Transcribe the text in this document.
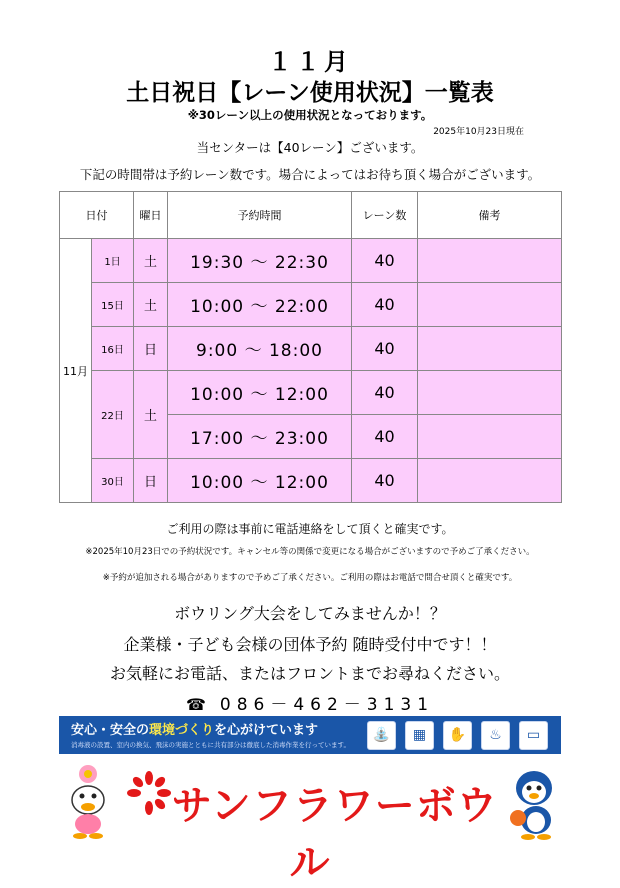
１１月
土日祝日【レーン使用状況】一覧表
※30レーン以上の使用状況となっております。
2025年10月23日現在
当センターは【40レーン】ございます。
下記の時間帯は予約レーン数です。場合によってはお待ち頂く場合がございます。
日付		曜日	予約時間	レーン数	備考
11月	1日	土	19:30 ～ 22:30	40	
	15日	土	10:00 ～ 22:00	40	
	16日	日	9:00 ～ 18:00	40	
	22日	土	10:00 ～ 12:00	40	
			17:00 ～ 23:00	40	
	30日	日	10:00 ～ 12:00	40	
ご利用の際は事前に電話連絡をして頂くと確実です。
※2025年10月23日での予約状況です。キャンセル等の関係で変更になる場合がございますので予めご了承ください。
※予約が追加される場合がありますので予めご了承ください。ご利用の際はお電話で問合せ頂くと確実です。
ボウリング大会をしてみませんか！？
企業様・子ども会様の団体予約 随時受付中です！！
お気軽にお電話、またはフロントまでお尋ねください。
☎ 086－462－3131
安心・安全の環境づくりを心がけています
消毒液の設置、室内の換気、飛沫の実施とともに共有部分は徹底した消毒作業を行っています。
⛲	▦	✋	♨	▭
サンフラワーボウル
